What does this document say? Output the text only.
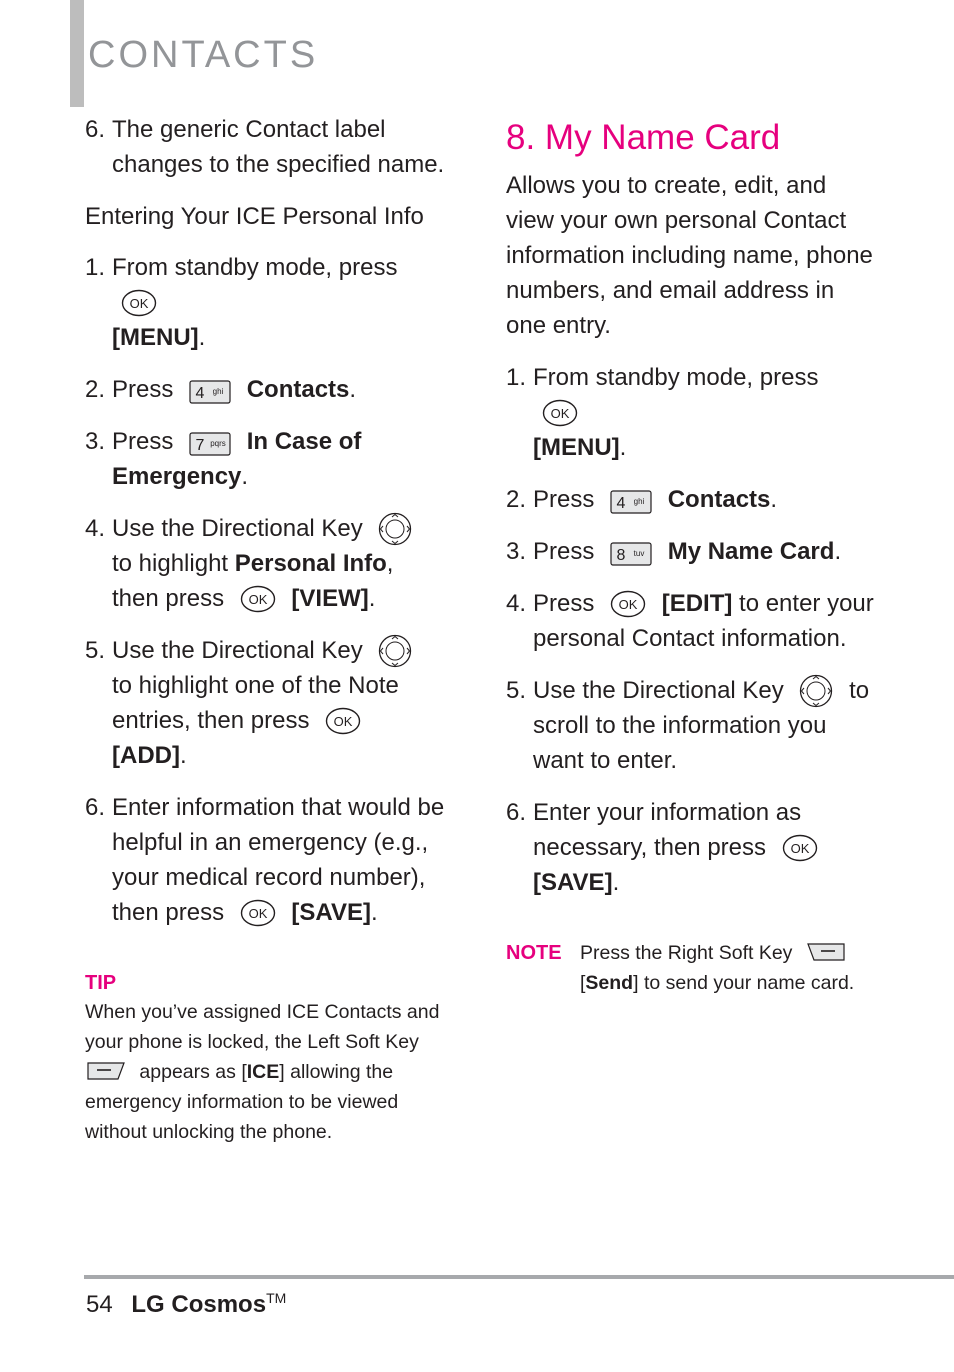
CONTACTS
6. The generic Contact label changes to the specified name.
Entering Your ICE Personal Info
1. From standby mode, press
OK

[MENU].
2. Press 4 ghi Contacts.
3. Press 7 pqrs In Case of Emergency.
4. Use the Directional Key  to highlight Personal Info, then press OK [VIEW].
5. Use the Directional Key  to highlight one of the Note entries, then press OK
[ADD].
6. Enter information that would be helpful in an emergency (e.g., your medical record number), then press OK [SAVE].
TIP

When you’ve assigned ICE Contacts and your phone is locked, the Left Soft Key
appears as [ICE] allowing the emergency information to be viewed without unlocking the phone.

8. My Name Card
Allows you to create, edit, and view your own personal Contact information including name, phone numbers, and email address in one entry.
1. From standby mode, press
OK

[MENU].
2. Press 4 ghi Contacts.
3. Press 8 tuv My Name Card.
4. Press OK [EDIT] to enter your personal Contact information.
5. Use the Directional Key	to scroll to the information you want to enter.
6. Enter your information as necessary, then press OK

[SAVE].
NOTE Press the Right Soft Key
[Send] to send your name card.
54 LG Cosmos™
